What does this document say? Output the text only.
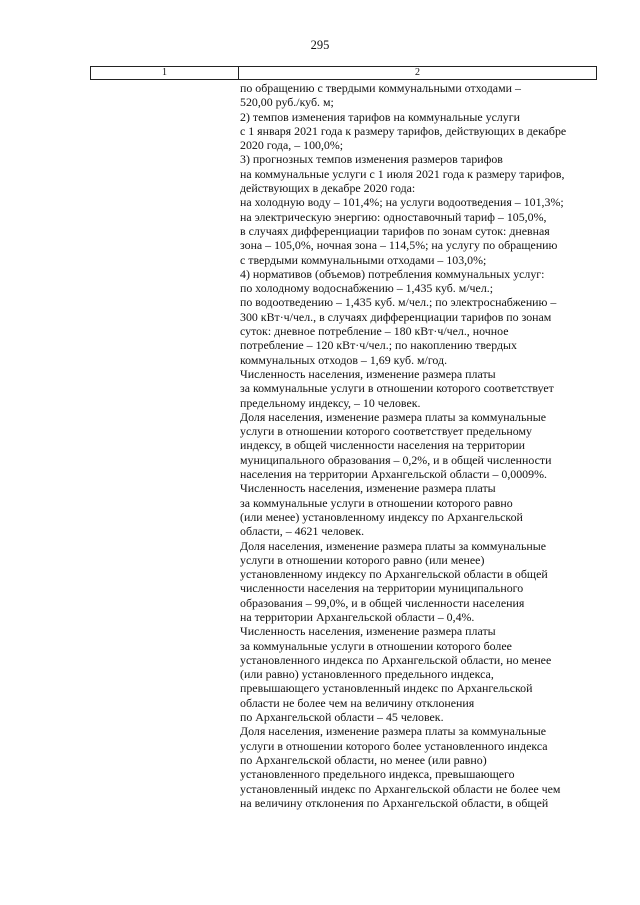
295
1	2
по обращению с твердыми коммунальными отходами –
520,00 руб./куб. м;
2) темпов изменения тарифов на коммунальные услуги
с 1 января 2021 года к размеру тарифов, действующих в декабре
2020 года, – 100,0%;
3) прогнозных темпов изменения размеров тарифов
на коммунальные услуги с 1 июля 2021 года к размеру тарифов,
действующих в декабре 2020 года:
на холодную воду – 101,4%; на услуги водоотведения – 101,3%;
на электрическую энергию: одноставочный тариф – 105,0%,
в случаях дифференциации тарифов по зонам суток: дневная
зона – 105,0%, ночная зона – 114,5%; на услугу по обращению
с твердыми коммунальными отходами – 103,0%;
4) нормативов (объемов) потребления коммунальных услуг:
по холодному водоснабжению – 1,435 куб. м/чел.;
по водоотведению – 1,435 куб. м/чел.; по электроснабжению –
300 кВт·ч/чел., в случаях дифференциации тарифов по зонам
суток: дневное потребление – 180 кВт·ч/чел., ночное
потребление – 120 кВт·ч/чел.; по накоплению твердых
коммунальных отходов – 1,69 куб. м/год.
Численность населения, изменение размера платы
за коммунальные услуги в отношении которого соответствует
предельному индексу, – 10 человек.
Доля населения, изменение размера платы за коммунальные
услуги в отношении которого соответствует предельному
индексу, в общей численности населения на территории
муниципального образования – 0,2%, и в общей численности
населения на территории Архангельской области – 0,0009%.
Численность населения, изменение размера платы
за коммунальные услуги в отношении которого равно
(или менее) установленному индексу по Архангельской
области, – 4621 человек.
Доля населения, изменение размера платы за коммунальные
услуги в отношении которого равно (или менее)
установленному индексу по Архангельской области в общей
численности населения на территории муниципального
образования – 99,0%, и в общей численности населения
на территории Архангельской области – 0,4%.
Численность населения, изменение размера платы
за коммунальные услуги в отношении которого более
установленного индекса по Архангельской области, но менее
(или равно) установленного предельного индекса,
превышающего установленный индекс по Архангельской
области не более чем на величину отклонения
по Архангельской области – 45 человек.
Доля населения, изменение размера платы за коммунальные
услуги в отношении которого более установленного индекса
по Архангельской области, но менее (или равно)
установленного предельного индекса, превышающего
установленный индекс по Архангельской области не более чем
на величину отклонения по Архангельской области, в общей
